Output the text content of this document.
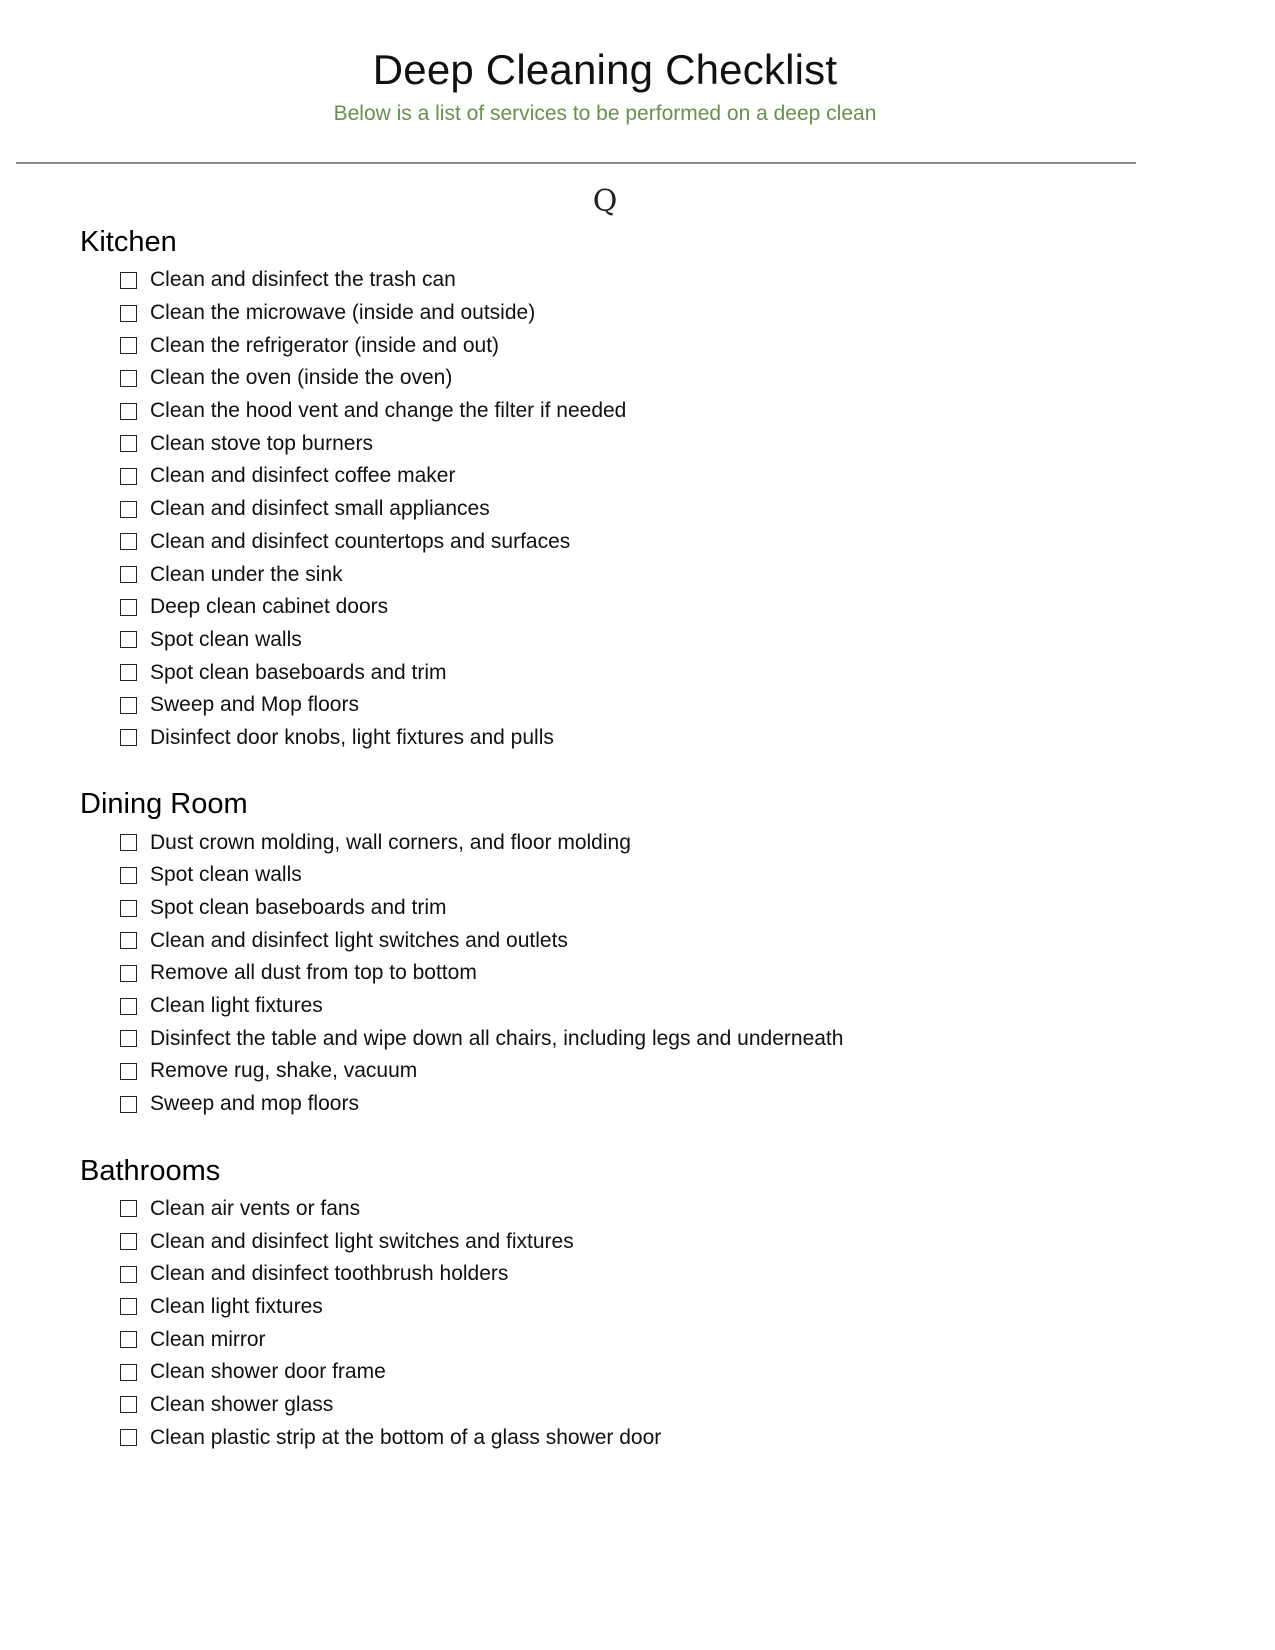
Deep Cleaning Checklist

Below is a list of services to be performed on a deep clean

Q
Kitchen
Clean and disinfect the trash can
Clean the microwave (inside and outside)
Clean the refrigerator (inside and out)
Clean the oven (inside the oven)
Clean the hood vent and change the filter if needed
Clean stove top burners
Clean and disinfect coffee maker
Clean and disinfect small appliances
Clean and disinfect countertops and surfaces
Clean under the sink
Deep clean cabinet doors
Spot clean walls
Spot clean baseboards and trim
Sweep and Mop floors
Disinfect door knobs, light fixtures and pulls
Dining Room
Dust crown molding, wall corners, and floor molding
Spot clean walls
Spot clean baseboards and trim
Clean and disinfect light switches and outlets
Remove all dust from top to bottom
Clean light fixtures
Disinfect the table and wipe down all chairs, including legs and underneath
Remove rug, shake, vacuum
Sweep and mop floors
Bathrooms
Clean air vents or fans
Clean and disinfect light switches and fixtures
Clean and disinfect toothbrush holders
Clean light fixtures
Clean mirror
Clean shower door frame
Clean shower glass
Clean plastic strip at the bottom of a glass shower door
